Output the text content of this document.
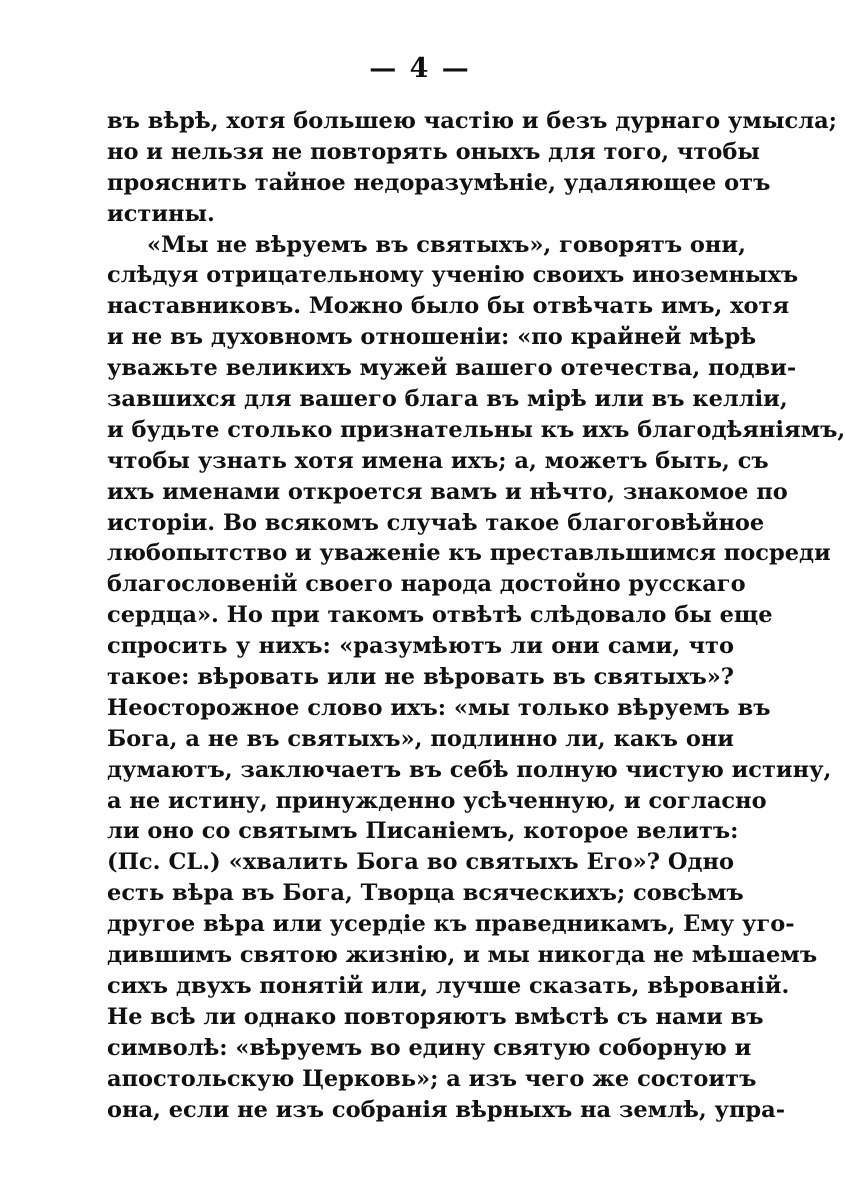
— 4 —
въ вѣрѣ, хотя большею частію и безъ дурнаго умысла;
но и нельзя не повторять оныхъ для того, чтобы
прояснить тайное недоразумѣніе, удаляющее отъ
истины.
«Мы не вѣруемъ въ святыхъ», говорятъ они,
слѣдуя отрицательному ученію своихъ иноземныхъ
наставниковъ. Можно было бы отвѣчать имъ, хотя
и не въ духовномъ отношеніи: «по крайней мѣрѣ
уважьте великихъ мужей вашего отечества, подви-
завшихся для вашего блага въ мірѣ или въ келліи,
и будьте столько признательны къ ихъ благодѣяніямъ,
чтобы узнать хотя имена ихъ; а, можетъ быть, съ
ихъ именами откроется вамъ и нѣчто, знакомое по
исторіи. Во всякомъ случаѣ такое благоговѣйное
любопытство и уваженіе къ преставльшимся посреди
благословеній своего народа достойно русскаго
сердца». Но при такомъ отвѣтѣ слѣдовало бы еще
спросить у нихъ: «разумѣютъ ли они сами, что
такое: вѣровать или не вѣровать въ святыхъ»?
Неосторожное слово ихъ: «мы только вѣруемъ въ
Бога, а не въ святыхъ», подлинно ли, какъ они
думаютъ, заключаетъ въ себѣ полную чистую истину,
а не истину, принужденно усѣченную, и согласно
ли оно со святымъ Писаніемъ, которое велитъ:
(Пс. CL.) «хвалить Бога во святыхъ Его»? Одно
есть вѣра въ Бога, Творца всяческихъ; совсѣмъ
другое вѣра или усердіе къ праведникамъ, Ему уго-
дившимъ святою жизнію, и мы никогда не мѣшаемъ
сихъ двухъ понятій или, лучше сказать, вѣрованій.
Не всѣ ли однако повторяютъ вмѣстѣ съ нами въ
символѣ: «вѣруемъ во едину святую соборную и
апостольскую Церковь»; а изъ чего же состоитъ
она, если не изъ собранія вѣрныхъ на землѣ, упра-
